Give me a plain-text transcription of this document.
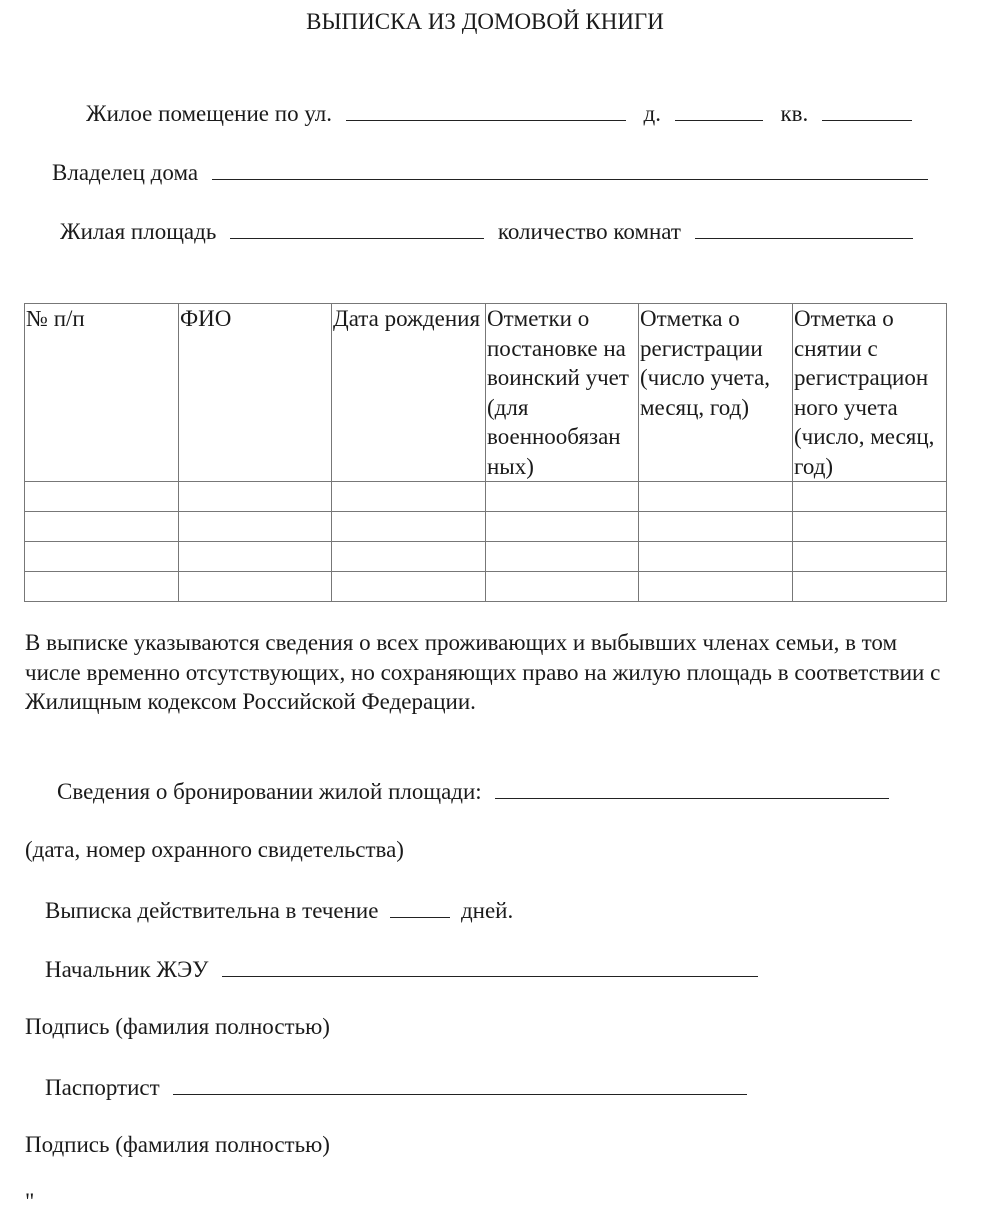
ВЫПИСКА ИЗ ДОМОВОЙ КНИГИ
Жилое помещение по ул.	д.	кв.
Владелец дома
Жилая площадь	количество комнат
№ п/п	ФИО	Дата рождения	Отметки о постановке на воинский учет (для военнообязан ных)	Отметка о регистрации (число учета, месяц, год)	Отметка о снятии с регистрацион ного учета (число, месяц, год)

В выписке указываются сведения о всех проживающих и выбывших членах семьи, в том числе временно отсутствующих, но сохраняющих право на жилую площадь в соответствии с Жилищным кодексом Российской Федерации.
Сведения о бронировании жилой площади:
(дата, номер охранного свидетельства)
Выписка действительна в течение	дней.
Начальник ЖЭУ
Подпись (фамилия полностью)
Паспортист
Подпись (фамилия полностью)
"
